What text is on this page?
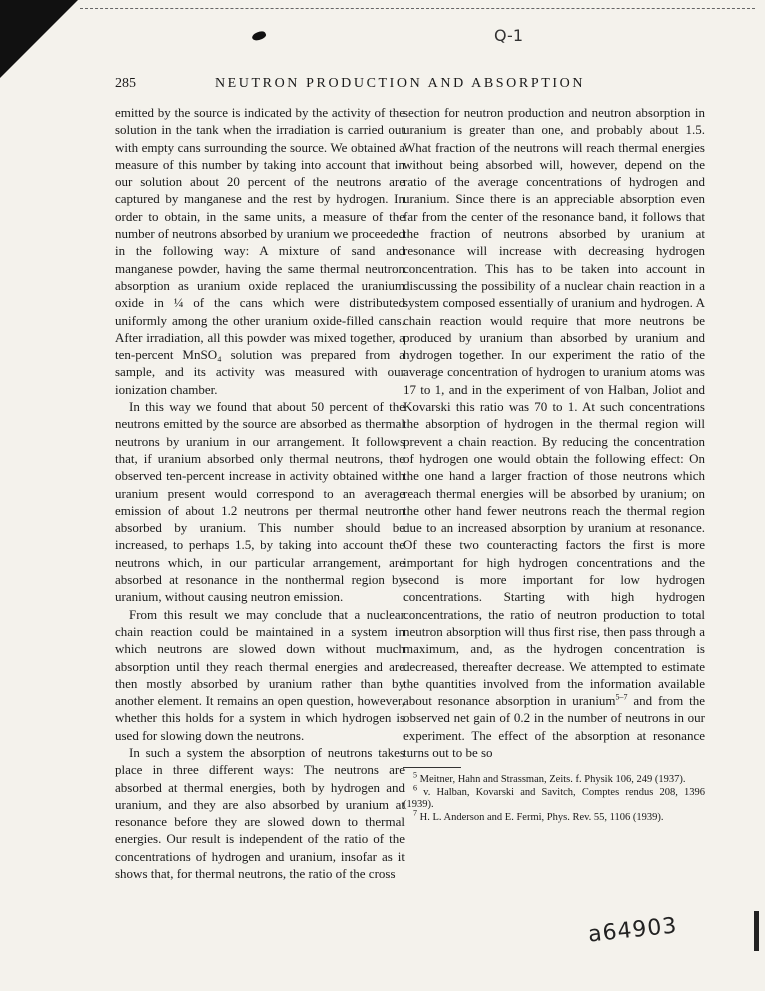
Q-1
285	NEUTRON PRODUCTION AND ABSORPTION

emitted by the source is indicated by the activity of the solution in the tank when the irradiation is carried out with empty cans surrounding the source. We obtained a measure of this number by taking into account that in our solution about 20 percent of the neutrons are captured by manganese and the rest by hydrogen. In order to obtain, in the same units, a measure of the number of neutrons absorbed by uranium we proceeded in the following way: A mixture of sand and manganese powder, having the same thermal neutron absorption as uranium oxide replaced the uranium oxide in ¼ of the cans which were distributed uniformly among the other uranium oxide-filled cans. After irradiation, all this powder was mixed together, a ten-percent MnSO₄ solution was prepared from a sample, and its activity was measured with our ionization chamber.

In this way we found that about 50 percent of the neutrons emitted by the source are absorbed as thermal neutrons by uranium in our arrangement. It follows that, if uranium absorbed only thermal neutrons, the observed ten-percent increase in activity obtained with uranium present would correspond to an average emission of about 1.2 neutrons per thermal neutron absorbed by uranium. This number should be increased, to perhaps 1.5, by taking into account the neutrons which, in our particular arrangement, are absorbed at resonance in the nonthermal region by uranium, without causing neutron emission.

From this result we may conclude that a nuclear chain reaction could be maintained in a system in which neutrons are slowed down without much absorption until they reach thermal energies and are then mostly absorbed by uranium rather than by another element. It remains an open question, however, whether this holds for a system in which hydrogen is used for slowing down the neutrons.

In such a system the absorption of neutrons takes place in three different ways: The neutrons are absorbed at thermal energies, both by hydrogen and uranium, and they are also absorbed by uranium at resonance before they are slowed down to thermal energies. Our result is independent of the ratio of the concentrations of hydrogen and uranium, insofar as it shows that, for thermal neutrons, the ratio of the cross

section for neutron production and neutron absorption in uranium is greater than one, and probably about 1.5. What fraction of the neutrons will reach thermal energies without being absorbed will, however, depend on the ratio of the average concentrations of hydrogen and uranium. Since there is an appreciable absorption even far from the center of the resonance band, it follows that the fraction of neutrons absorbed by uranium at resonance will increase with decreasing hydrogen concentration. This has to be taken into account in discussing the possibility of a nuclear chain reaction in a system composed essentially of uranium and hydrogen. A chain reaction would require that more neutrons be produced by uranium than absorbed by uranium and hydrogen together. In our experiment the ratio of the average concentration of hydrogen to uranium atoms was 17 to 1, and in the experiment of von Halban, Joliot and Kovarski this ratio was 70 to 1. At such concentrations the absorption of hydrogen in the thermal region will prevent a chain reaction. By reducing the concentration of hydrogen one would obtain the following effect: On the one hand a larger fraction of those neutrons which reach thermal energies will be absorbed by uranium; on the other hand fewer neutrons reach the thermal region due to an increased absorption by uranium at resonance. Of these two counteracting factors the first is more important for high hydrogen concentrations and the second is more important for low hydrogen concentrations. Starting with high hydrogen concentrations, the ratio of neutron production to total neutron absorption will thus first rise, then pass through a maximum, and, as the hydrogen concentration is decreased, thereafter decrease. We attempted to estimate the quantities involved from the information available about resonance absorption in uranium$^{5-7}$ and from the observed net gain of 0.2 in the number of neutrons in our experiment. The effect of the absorption at resonance turns out to be so

$^5$ Meitner, Hahn and Strassman, Zeits. f. Physik 106, 249 (1937).

$^6$ v. Halban, Kovarski and Savitch, Comptes rendus 208, 1396 (1939).

$^7$ H. L. Anderson and E. Fermi, Phys. Rev. 55, 1106 (1939).

a64903
